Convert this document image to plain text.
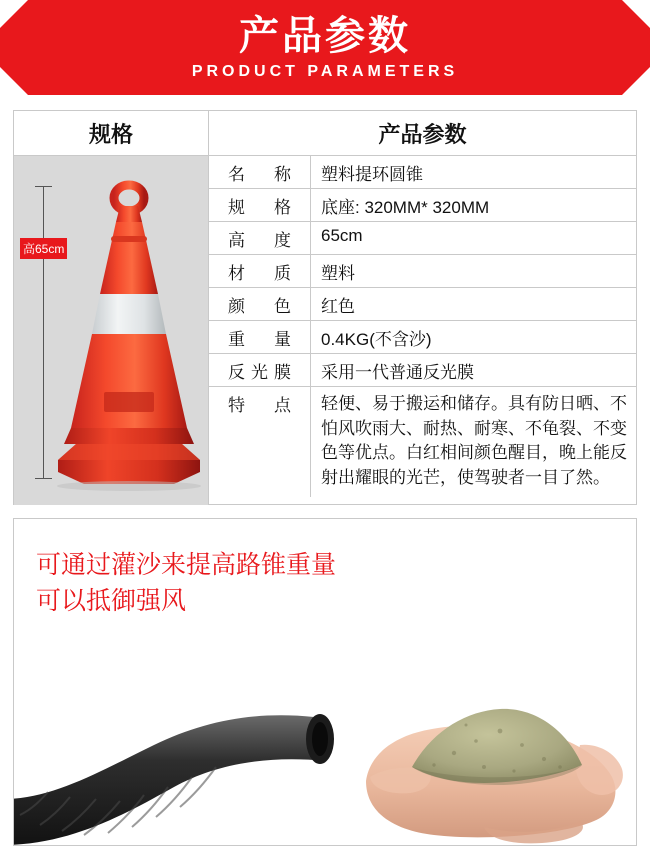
产品参数
PRODUCT PARAMETERS
规格	产品参数
高65cm
名　称	塑料提环圆锥
规　格	底座: 320MM* 320MM
高　度	65cm
材　质	塑料
颜　色	红色
重　量	0.4KG(不含沙)
反光膜	采用一代普通反光膜
特　点	轻便、易于搬运和储存。具有防日晒、不怕风吹雨大、耐热、耐寒、不龟裂、不变色等优点。白红相间颜色醒目，晚上能反射出耀眼的光芒，使驾驶者一目了然。
可通过灌沙来提高路锥重量
可以抵御强风
